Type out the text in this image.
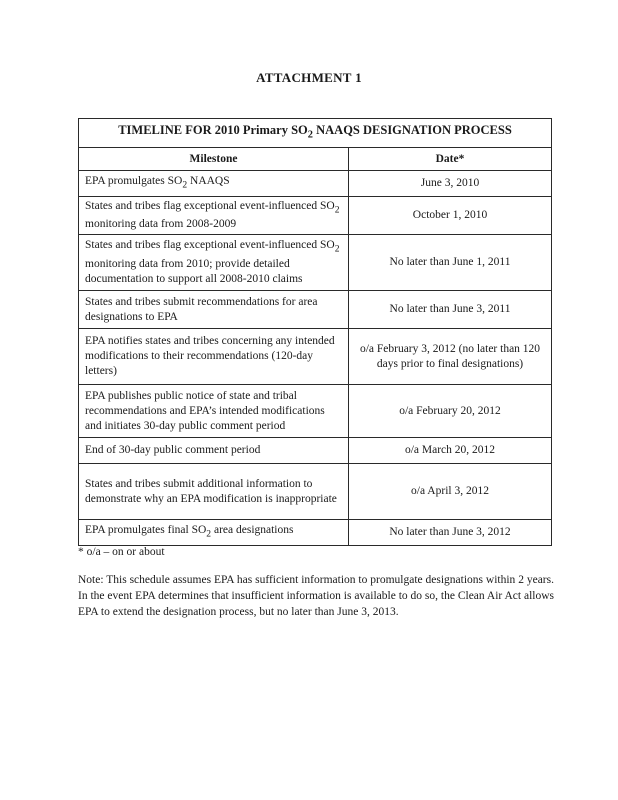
ATTACHMENT 1
TIMELINE FOR 2010 Primary $SO_2$ NAAQS DESIGNATION PROCESS	
Milestone	Date*
EPA promulgates $SO_2$ NAAQS	June 3, 2010
States and tribes flag exceptional event-influenced $SO_2$ monitoring data from 2008-2009	October 1, 2010
States and tribes flag exceptional event-influenced $SO_2$ monitoring data from 2010; provide detailed documentation to support all 2008-2010 claims	No later than June 1, 2011
States and tribes submit recommendations for area designations to EPA	No later than June 3, 2011
EPA notifies states and tribes concerning any intended modifications to their recommendations (120-day letters)	o/a February 3, 2012 (no later than 120 days prior to final designations)
EPA publishes public notice of state and tribal recommendations and EPA’s intended modifications and initiates 30-day public comment period	o/a February 20, 2012
End of 30-day public comment period	o/a March 20, 2012
States and tribes submit additional information to demonstrate why an EPA modification is inappropriate	o/a April 3, 2012
EPA promulgates final $SO_2$ area designations	No later than June 3, 2012
* o/a – on or about
Note: This schedule assumes EPA has sufficient information to promulgate designations within 2 years. In the event EPA determines that insufficient information is available to do so, the Clean Air Act allows EPA to extend the designation process, but no later than June 3, 2013.
